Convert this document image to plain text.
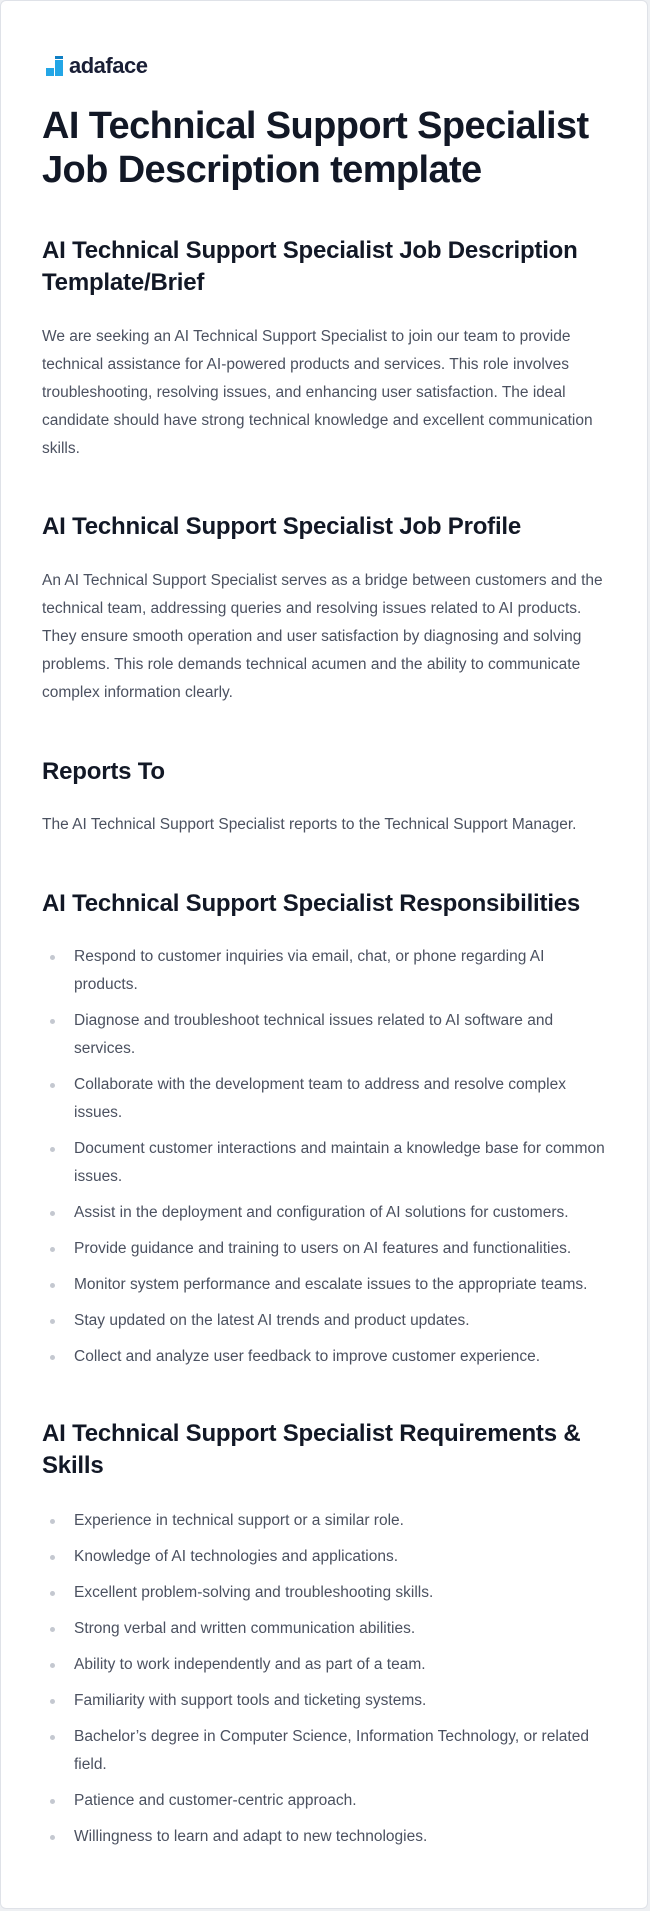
adaface
AI Technical Support Specialist Job Description template
AI Technical Support Specialist Job Description Template/Brief

We are seeking an AI Technical Support Specialist to join our team to provide technical assistance for AI-powered products and services. This role involves troubleshooting, resolving issues, and enhancing user satisfaction. The ideal candidate should have strong technical knowledge and excellent communication skills.

AI Technical Support Specialist Job Profile

An AI Technical Support Specialist serves as a bridge between customers and the technical team, addressing queries and resolving issues related to AI products. They ensure smooth operation and user satisfaction by diagnosing and solving problems. This role demands technical acumen and the ability to communicate complex information clearly.

Reports To

The AI Technical Support Specialist reports to the Technical Support Manager.

AI Technical Support Specialist Responsibilities
Respond to customer inquiries via email, chat, or phone regarding AI products.
Diagnose and troubleshoot technical issues related to AI software and services.
Collaborate with the development team to address and resolve complex issues.
Document customer interactions and maintain a knowledge base for common issues.
Assist in the deployment and configuration of AI solutions for customers.
Provide guidance and training to users on AI features and functionalities.
Monitor system performance and escalate issues to the appropriate teams.
Stay updated on the latest AI trends and product updates.
Collect and analyze user feedback to improve customer experience.
AI Technical Support Specialist Requirements & Skills
Experience in technical support or a similar role.
Knowledge of AI technologies and applications.
Excellent problem-solving and troubleshooting skills.
Strong verbal and written communication abilities.
Ability to work independently and as part of a team.
Familiarity with support tools and ticketing systems.
Bachelor’s degree in Computer Science, Information Technology, or related field.
Patience and customer-centric approach.
Willingness to learn and adapt to new technologies.
